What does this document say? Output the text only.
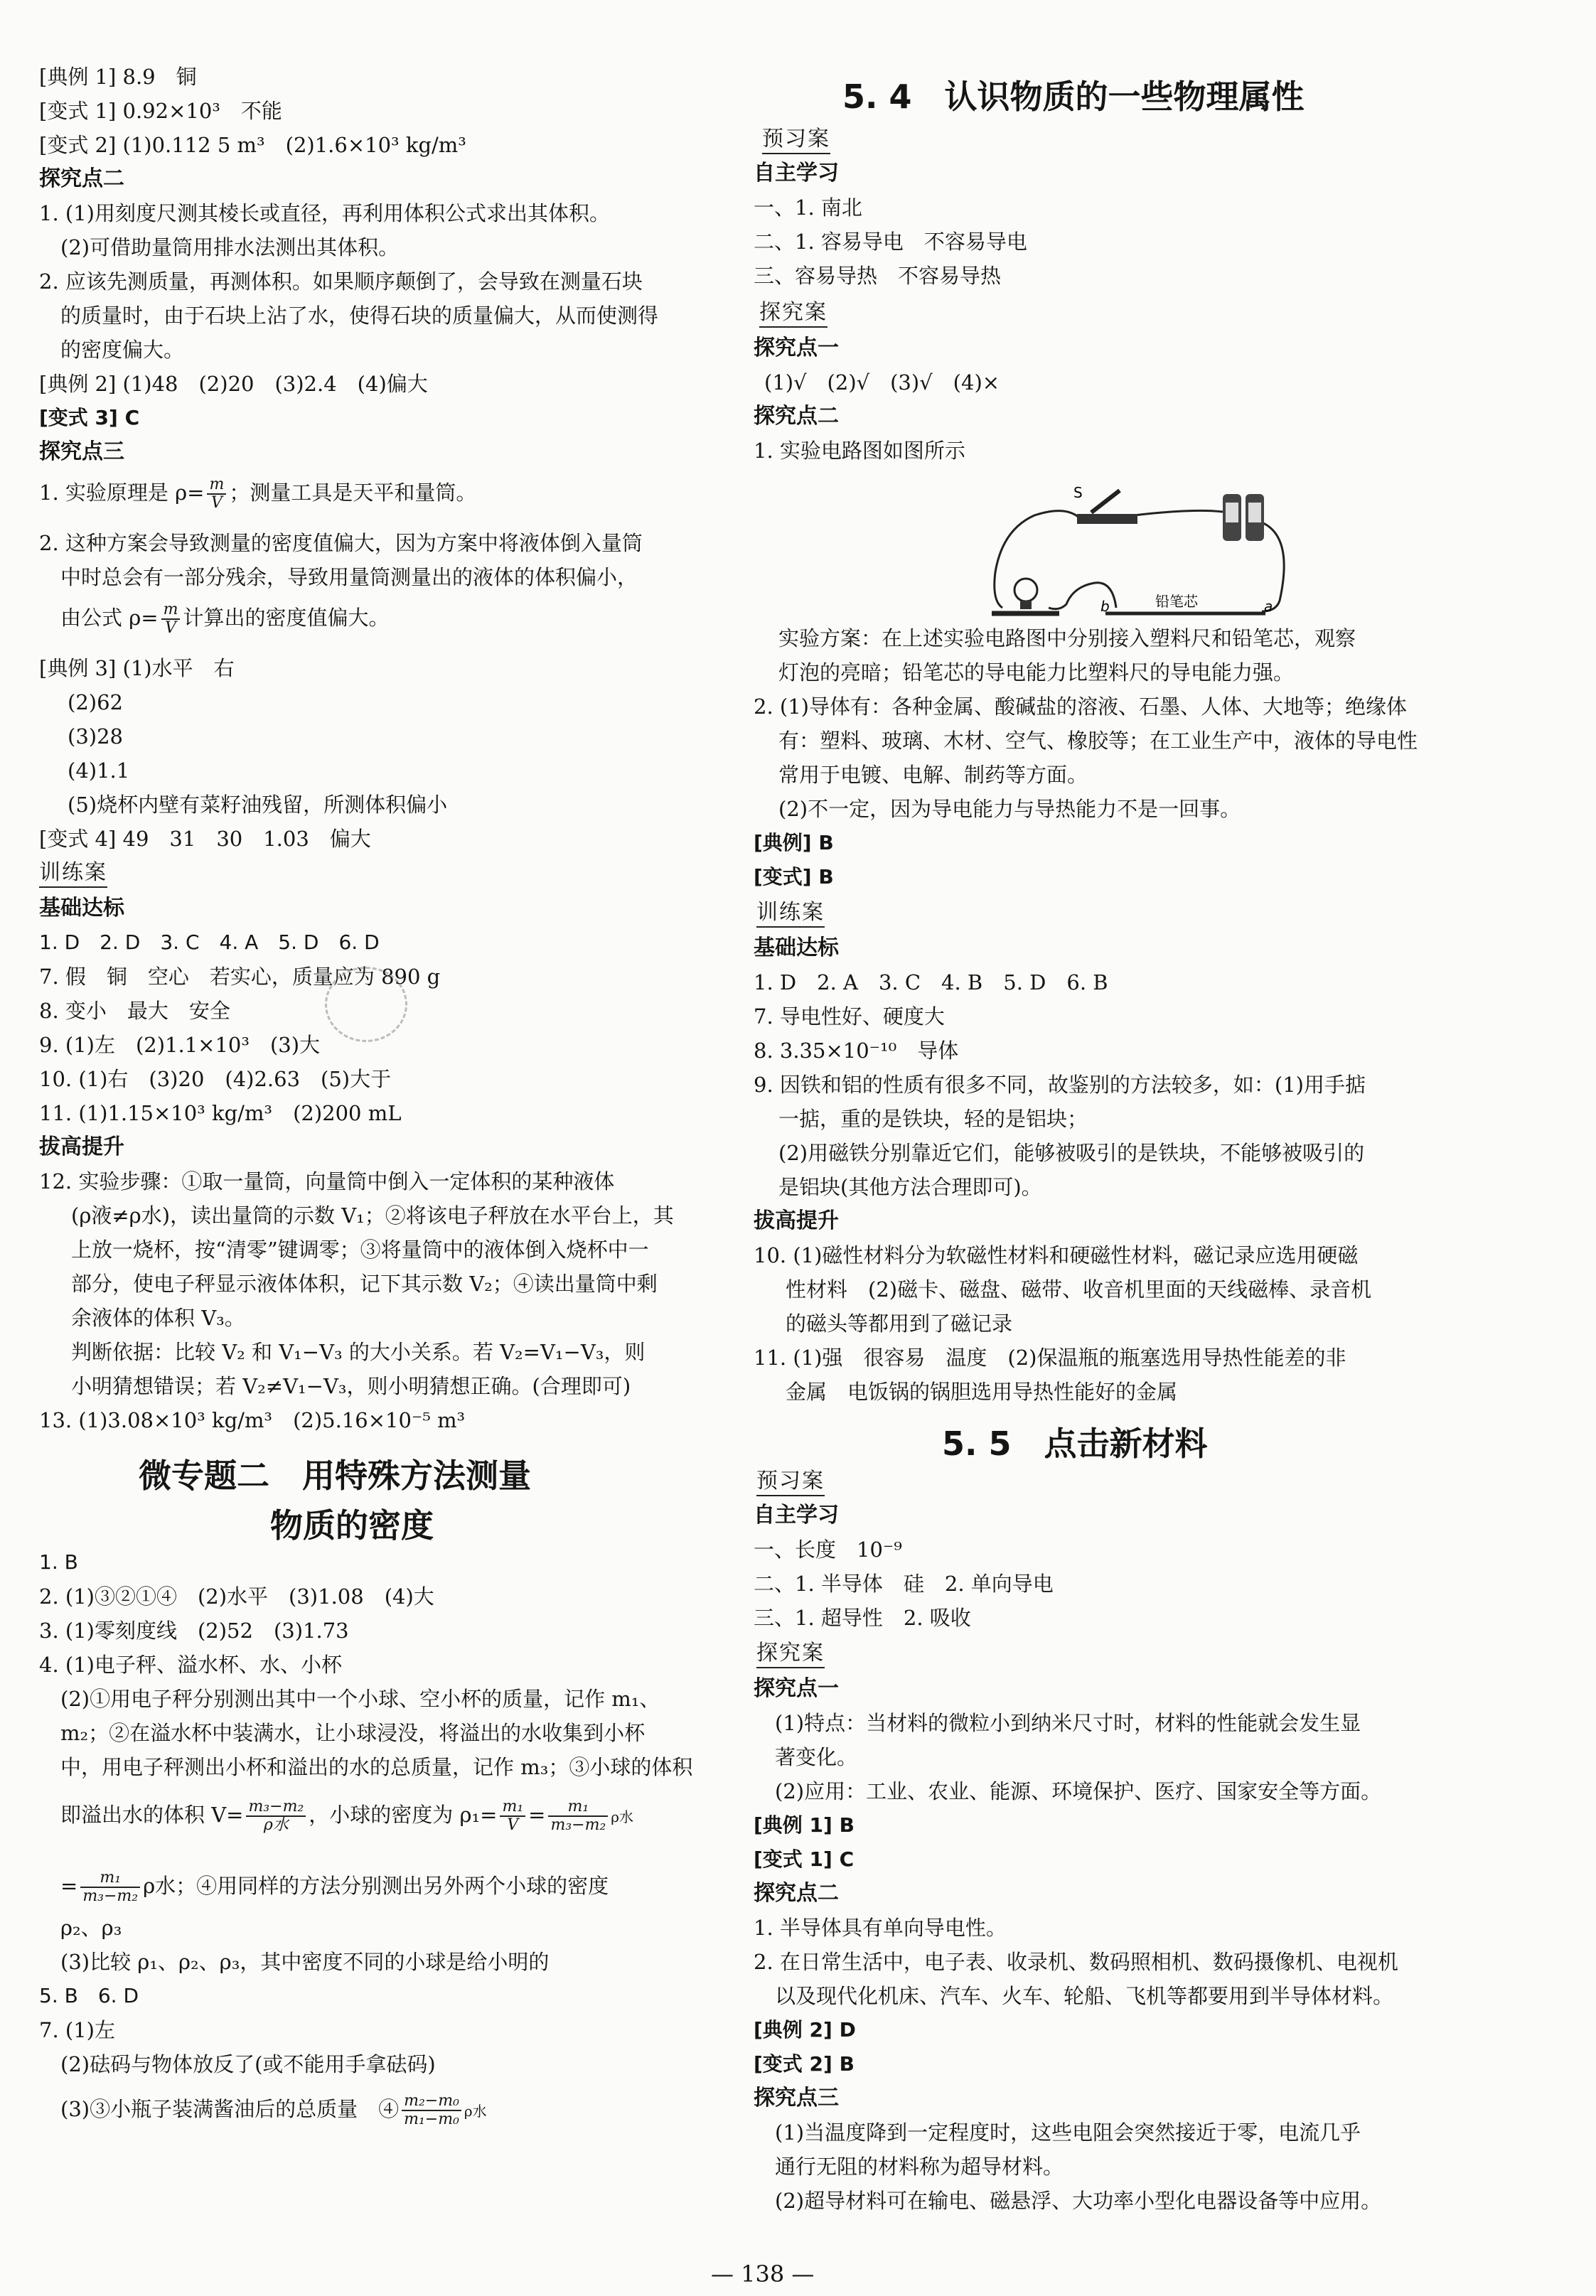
[典例 1] 8.9　铜
[变式 1] 0.92×10³　不能
[变式 2] (1)0.112 5 m³　(2)1.6×10³ kg/m³
探究点二
1. (1)用刻度尺测其棱长或直径，再利用体积公式求出其体积。
(2)可借助量筒用排水法测出其体积。
2. 应该先测质量，再测体积。如果顺序颠倒了，会导致在测量石块
的质量时，由于石块上沾了水，使得石块的质量偏大，从而使测得
的密度偏大。
[典例 2] (1)48　(2)20　(3)2.4　(4)偏大
[变式 3] C
探究点三
1. 实验原理是 $\rho= \frac{m}{V}$ ；测量工具是天平和量筒。
2. 这种方案会导致测量的密度值偏大，因为方案中将液体倒入量筒
中时总会有一部分残余，导致用量筒测量出的液体的体积偏小，
由公式 $\rho= \frac{m}{V}$ 计算出的密度值偏大。
[典例 3] (1)水平　右
(2)62
(3)28
(4)1.1
(5)烧杯内壁有菜籽油残留，所测体积偏小
[变式 4] 49　31　30　1.03　偏大
训练案
基础达标
1. D　2. D　3. C　4. A　5. D　6. D
7. 假　铜　空心　若实心，质量应为 890 g
8. 变小　最大　安全
9. (1)左　(2)1.1×10³　(3)大
10. (1)右　(3)20　(4)2.63　(5)大于
11. (1)1.15×10³ kg/m³　(2)200 mL
拔高提升
12. 实验步骤：①取一量筒，向量筒中倒入一定体积的某种液体
(ρ液≠ρ水)，读出量筒的示数 V₁；②将该电子秤放在水平台上，其
上放一烧杯，按“清零”键调零；③将量筒中的液体倒入烧杯中一
部分，使电子秤显示液体体积，记下其示数 V₂；④读出量筒中剩
余液体的体积 V₃。
判断依据：比较 V₂ 和 V₁−V₃ 的大小关系。若 V₂=V₁−V₃，则
小明猜想错误；若 V₂≠V₁−V₃，则小明猜想正确。(合理即可)
13. (1)3.08×10³ kg/m³　(2)5.16×10⁻⁵ m³
微专题二　用特殊方法测量
物质的密度
1. B
2. (1)③②①④　(2)水平　(3)1.08　(4)大
3. (1)零刻度线　(2)52　(3)1.73
4. (1)电子秤、溢水杯、水、小杯
(2)①用电子秤分别测出其中一个小球、空小杯的质量，记作 m₁、
m₂；②在溢水杯中装满水，让小球浸没，将溢出的水收集到小杯
中，用电子秤测出小杯和溢出的水的总质量，记作 m₃；③小球的体积
即溢出水的体积 $V= \frac{\text{m₃−m₂}}{\text{ρ水}}$ ，小球的密度为 $\rho_1= \frac{\text{m₁}}{V} = \frac{\text{m₁}}{\text{m₃−m₂}}$ ρ水
= $\frac{\text{m₁}}{\text{m₃−m₂}}$ ρ水；④用同样的方法分别测出另外两个小球的密度
ρ₂、ρ₃
(3)比较 ρ₁、ρ₂、ρ₃，其中密度不同的小球是给小明的
5. B　6. D
7. (1)左
(2)砝码与物体放反了(或不能用手拿砝码)
(3)③小瓶子装满酱油后的总质量　④ $\frac{\text{m₂−m₀}}{\text{m₁−m₀}}$ ρ水
5. 4　认识物质的一些物理属性
预习案
自主学习
一、1. 南北
二、1. 容易导电　不容易导电
三、容易导热　不容易导热
探究案
探究点一
(1)√　(2)√　(3)√　(4)×
探究点二
1. 实验电路图如图所示
S
b	a
铅笔芯
实验方案：在上述实验电路图中分别接入塑料尺和铅笔芯，观察
灯泡的亮暗；铅笔芯的导电能力比塑料尺的导电能力强。
2. (1)导体有：各种金属、酸碱盐的溶液、石墨、人体、大地等；绝缘体
有：塑料、玻璃、木材、空气、橡胶等；在工业生产中，液体的导电性
常用于电镀、电解、制药等方面。
(2)不一定，因为导电能力与导热能力不是一回事。
[典例] B
[变式] B
训练案
基础达标
1. D　2. A　3. C　4. B　5. D　6. B
7. 导电性好、硬度大
8. 3.35×10⁻¹⁰　导体
9. 因铁和铝的性质有很多不同，故鉴别的方法较多，如：(1)用手掂
一掂，重的是铁块，轻的是铝块；
(2)用磁铁分别靠近它们，能够被吸引的是铁块，不能够被吸引的
是铝块(其他方法合理即可)。
拔高提升
10. (1)磁性材料分为软磁性材料和硬磁性材料，磁记录应选用硬磁
性材料　(2)磁卡、磁盘、磁带、收音机里面的天线磁棒、录音机
的磁头等都用到了磁记录
11. (1)强　很容易　温度　(2)保温瓶的瓶塞选用导热性能差的非
金属　电饭锅的锅胆选用导热性能好的金属
5. 5　点击新材料
预习案
自主学习
一、长度　10⁻⁹
二、1. 半导体　硅　2. 单向导电
三、1. 超导性　2. 吸收
探究案
探究点一
(1)特点：当材料的微粒小到纳米尺寸时，材料的性能就会发生显
著变化。
(2)应用：工业、农业、能源、环境保护、医疗、国家安全等方面。
[典例 1] B
[变式 1] C
探究点二
1. 半导体具有单向导电性。
2. 在日常生活中，电子表、收录机、数码照相机、数码摄像机、电视机
以及现代化机床、汽车、火车、轮船、飞机等都要用到半导体材料。
[典例 2] D
[变式 2] B
探究点三
(1)当温度降到一定程度时，这些电阻会突然接近于零，电流几乎
通行无阻的材料称为超导材料。
(2)超导材料可在输电、磁悬浮、大功率小型化电器设备等中应用。
— 138 —
